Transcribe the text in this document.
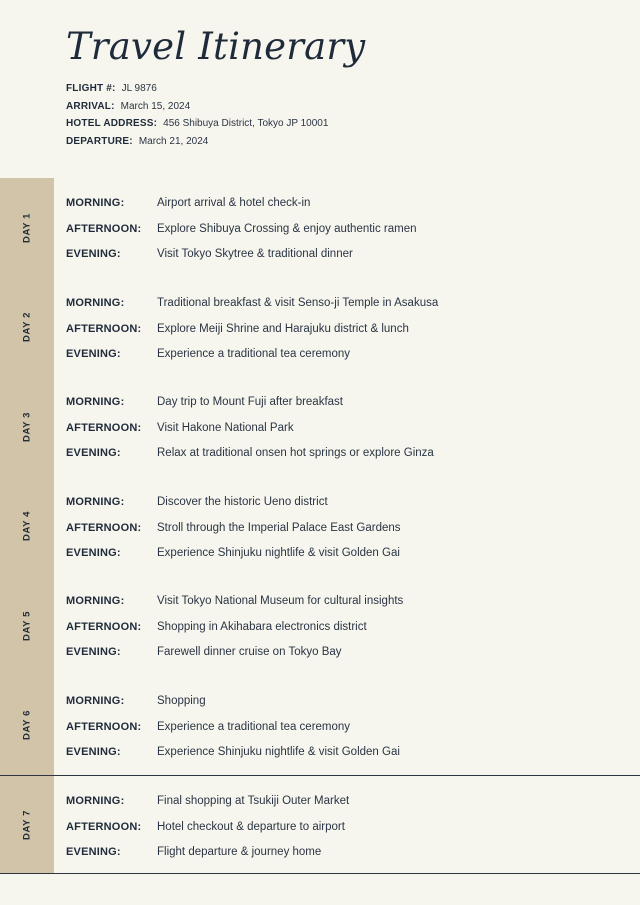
Travel Itinerary
FLIGHT #: JL 9876
ARRIVAL: March 15, 2024
HOTEL ADDRESS: 456 Shibuya District, Tokyo JP 10001
DEPARTURE: March 21, 2024
DAY 1
MORNING:	Airport arrival & hotel check-in
AFTERNOON: Explore Shibuya Crossing & enjoy authentic ramen
EVENING:	Visit Tokyo Skytree & traditional dinner
DAY 2
MORNING:	Traditional breakfast & visit Senso-ji Temple in Asakusa
AFTERNOON: Explore Meiji Shrine and Harajuku district & lunch
EVENING:	Experience a traditional tea ceremony
DAY 3
MORNING:	Day trip to Mount Fuji after breakfast
AFTERNOON: Visit Hakone National Park
EVENING:	Relax at traditional onsen hot springs or explore Ginza
DAY 4
MORNING:	Discover the historic Ueno district
AFTERNOON: Stroll through the Imperial Palace East Gardens
EVENING:	Experience Shinjuku nightlife & visit Golden Gai
DAY 5
MORNING:	Visit Tokyo National Museum for cultural insights
AFTERNOON: Shopping in Akihabara electronics district
EVENING:	Farewell dinner cruise on Tokyo Bay
DAY 6
MORNING:	Shopping
AFTERNOON: Experience a traditional tea ceremony
EVENING:	Experience Shinjuku nightlife & visit Golden Gai
DAY 7
MORNING:	Final shopping at Tsukiji Outer Market
AFTERNOON: Hotel checkout & departure to airport
EVENING:	Flight departure & journey home
